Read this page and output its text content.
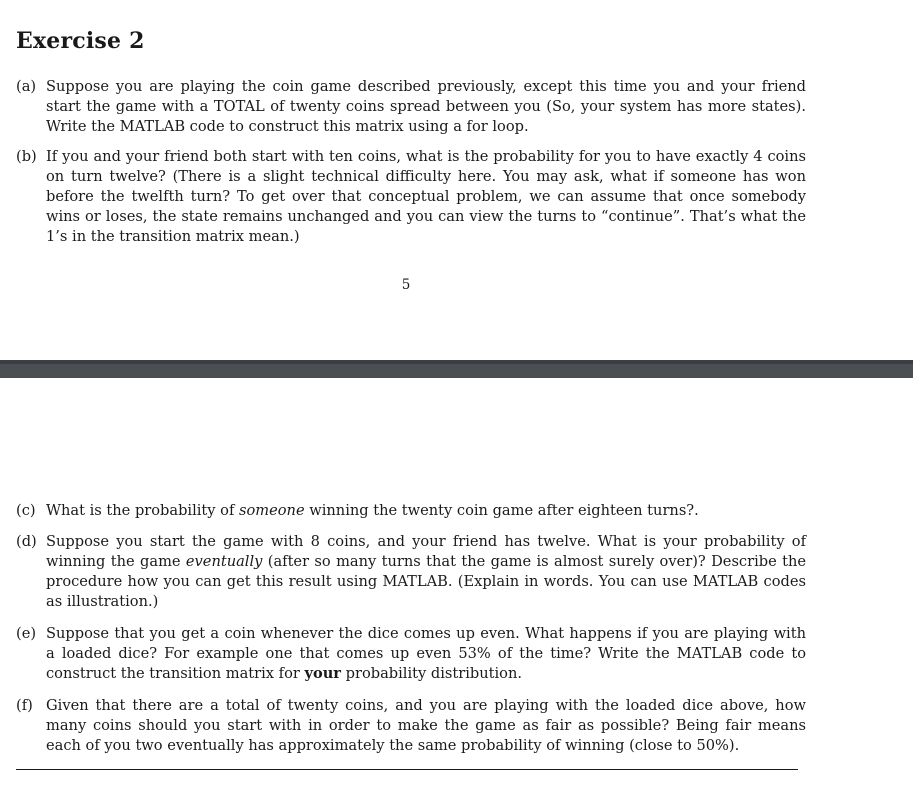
Exercise 2
(a) Suppose you are playing the coin game described previously, except this time you and your friend start the game with a TOTAL of twenty coins spread between you (So, your system has more states). Write the MATLAB code to construct this matrix using a for loop.
(b) If you and your friend both start with ten coins, what is the probability for you to have exactly 4 coins on turn twelve? (There is a slight technical difficulty here. You may ask, what if someone has won before the twelfth turn? To get over that conceptual problem, we can assume that once somebody wins or loses, the state remains unchanged and you can view the turns to “continue”. That’s what the 1’s in the transition matrix mean.)
5
(c) What is the probability of someone winning the twenty coin game after eighteen turns?.
(d) Suppose you start the game with 8 coins, and your friend has twelve. What is your probability of winning the game eventually (after so many turns that the game is almost surely over)? Describe the procedure how you can get this result using MATLAB. (Explain in words. You can use MATLAB codes as illustration.)
(e) Suppose that you get a coin whenever the dice comes up even. What happens if you are playing with a loaded dice? For example one that comes up even 53% of the time? Write the MATLAB code to construct the transition matrix for your probability distribution.
(f) Given that there are a total of twenty coins, and you are playing with the loaded dice above, how many coins should you start with in order to make the game as fair as possible? Being fair means each of you two eventually has approximately the same probability of winning (close to 50%).
